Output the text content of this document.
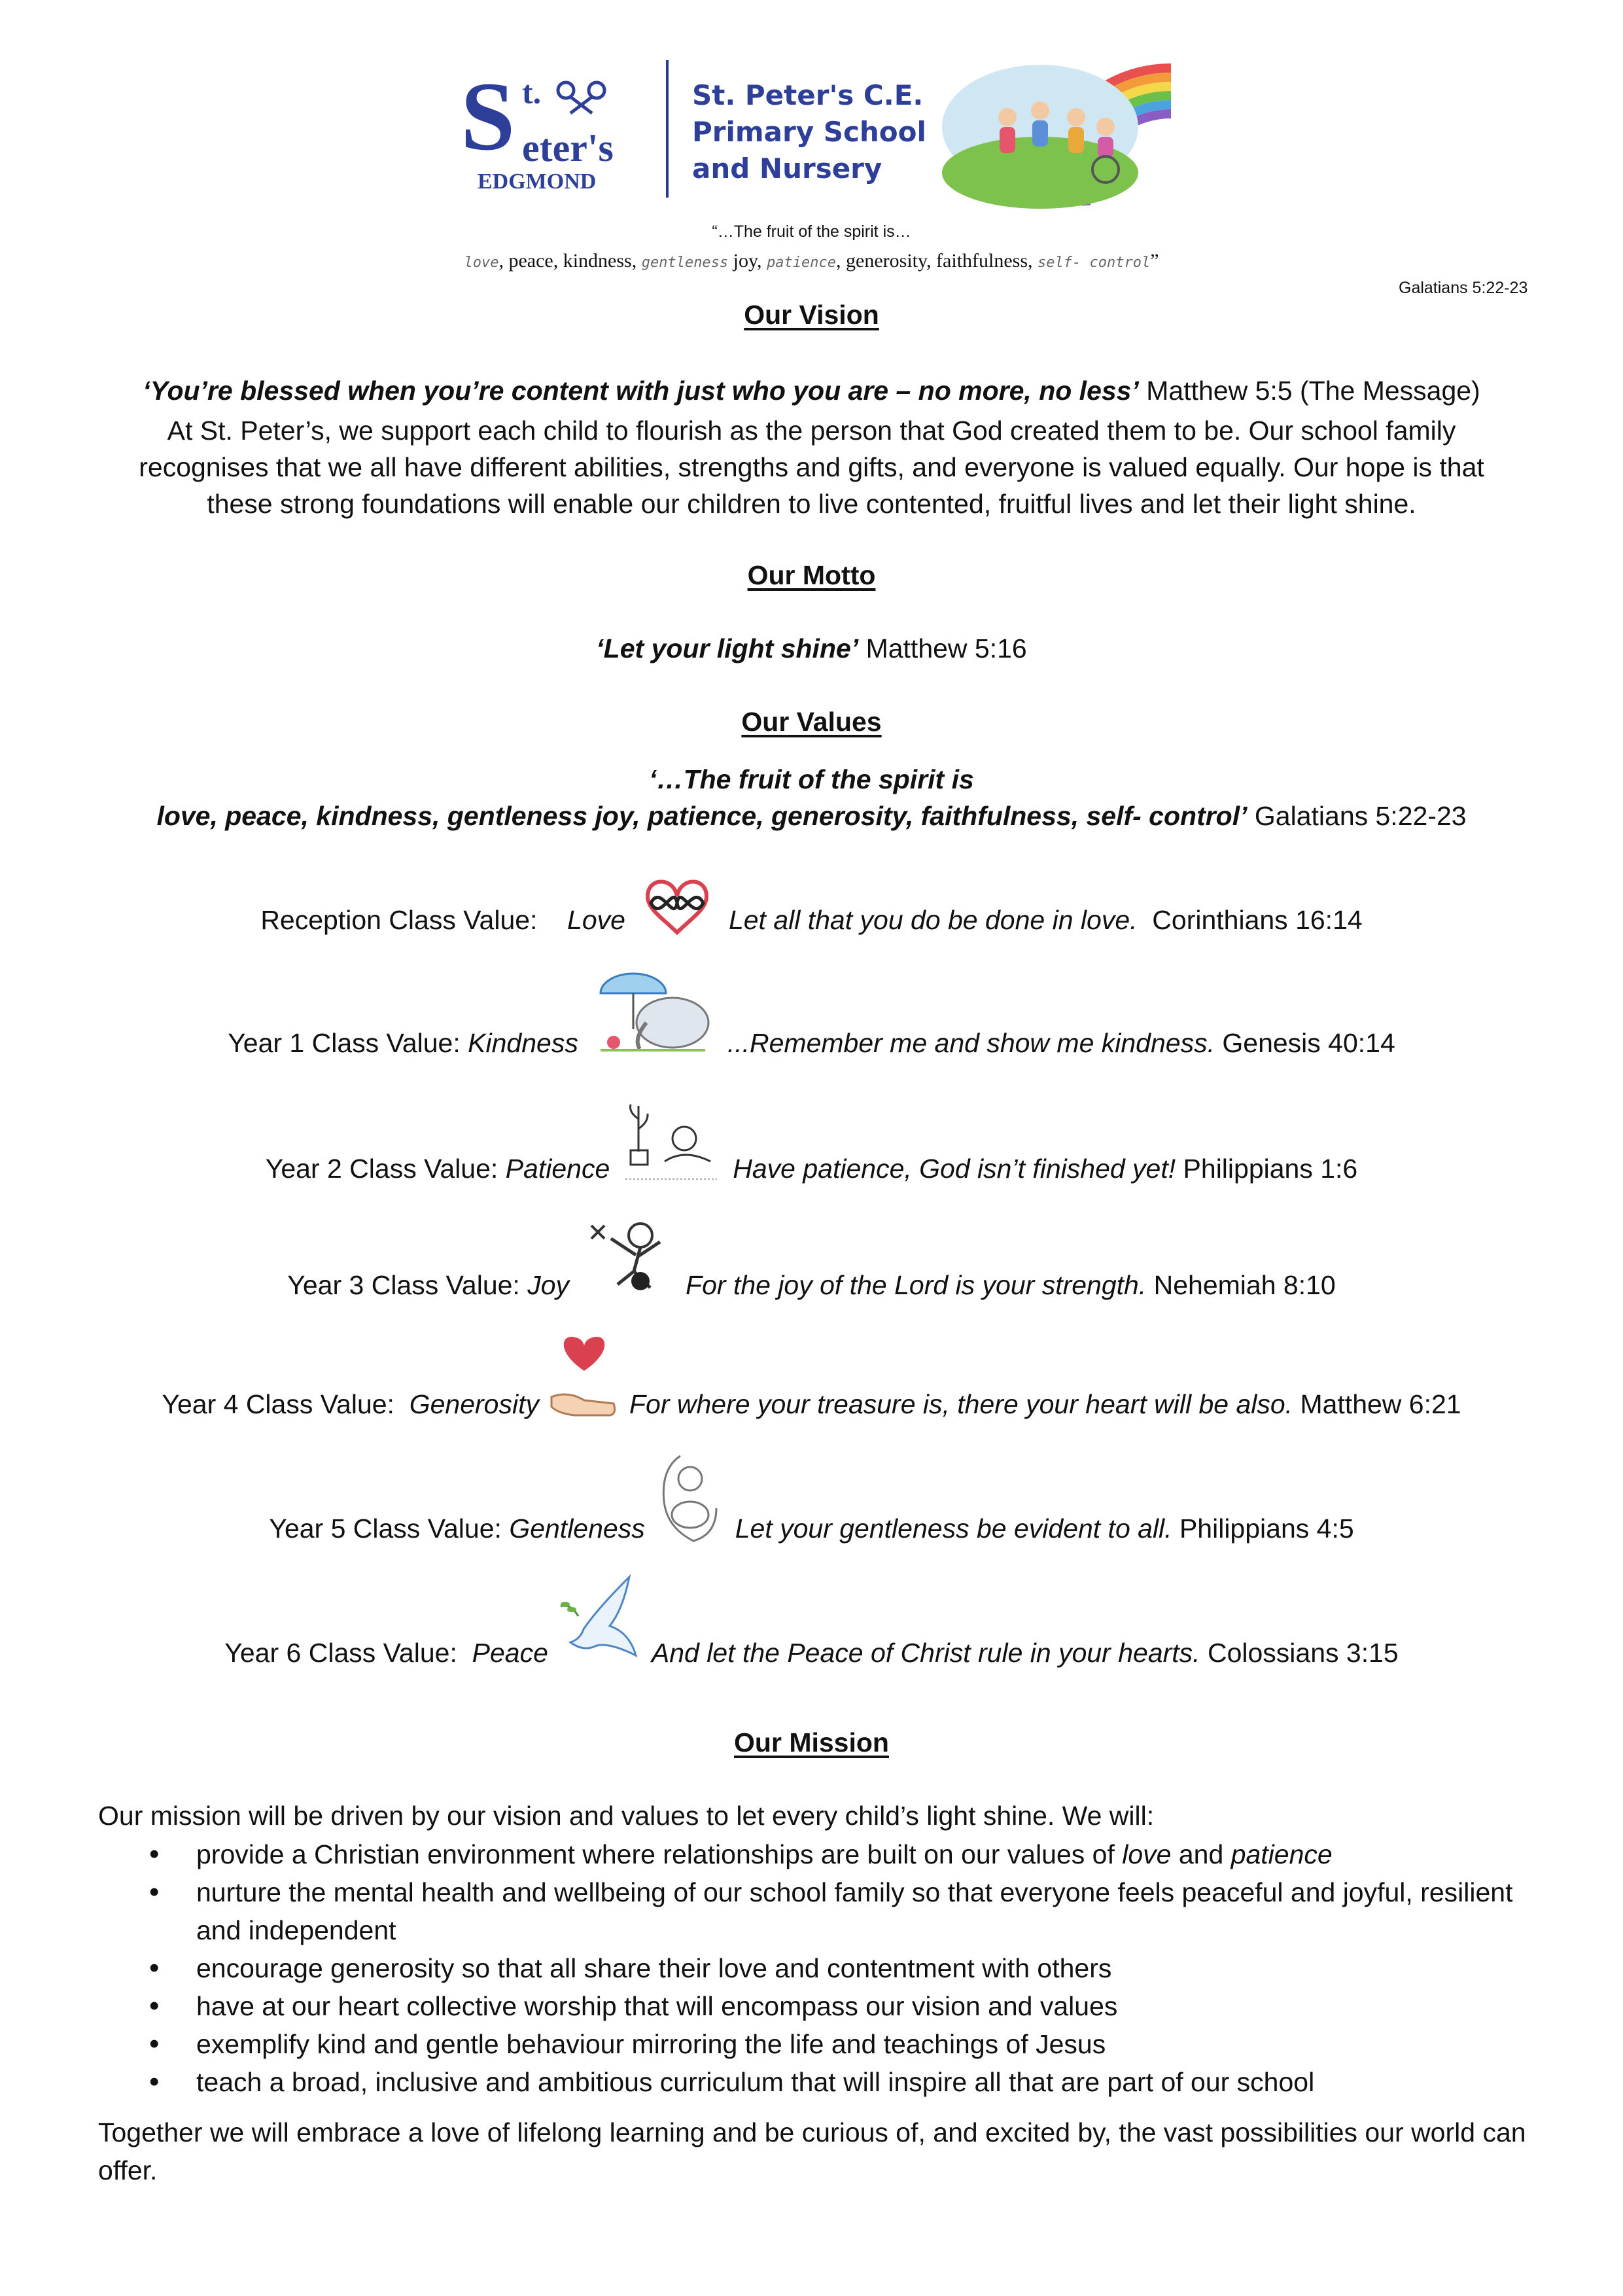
S t.
eter's
EDGMOND
St. Peter's C.E.
Primary School
and Nursery
“…The fruit of the spirit is…
love, peace, kindness, gentleness joy, patience, generosity, faithfulness, self- control”
Galatians 5:22-23
Our Vision
‘You’re blessed when you’re content with just who you are – no more, no less’ Matthew 5:5 (The Message)
At St. Peter’s, we support each child to flourish as the person that God created them to be. Our school family recognises that we all have different abilities, strengths and gifts, and everyone is valued equally. Our hope is that these strong foundations will enable our children to live contented, fruitful lives and let their light shine.
Our Motto
‘Let your light shine’ Matthew 5:16
Our Values
‘…The fruit of the spirit is
love, peace, kindness, gentleness joy, patience, generosity, faithfulness, self- control’ Galatians 5:22-23
Reception Class Value: Love	Let all that you do be done in love. Corinthians 16:14
Year 1 Class Value: Kindness	...Remember me and show me kindness. Genesis 40:14
Year 2 Class Value: Patience	Have patience, God isn’t finished yet! Philippians 1:6
Year 3 Class Value: Joy	For the joy of the Lord is your strength. Nehemiah 8:10
Year 4 Class Value: Generosity	For where your treasure is, there your heart will be also. Matthew 6:21
Year 5 Class Value: Gentleness	Let your gentleness be evident to all. Philippians 4:5
Year 6 Class Value: Peace	And let the Peace of Christ rule in your hearts. Colossians 3:15
Our Mission
Our mission will be driven by our vision and values to let every child’s light shine. We will:
• provide a Christian environment where relationships are built on our values of love and patience
• nurture the mental health and wellbeing of our school family so that everyone feels peaceful and joyful, resilient and independent
• encourage generosity so that all share their love and contentment with others
• have at our heart collective worship that will encompass our vision and values
• exemplify kind and gentle behaviour mirroring the life and teachings of Jesus
• teach a broad, inclusive and ambitious curriculum that will inspire all that are part of our school
Together we will embrace a love of lifelong learning and be curious of, and excited by, the vast possibilities our world can offer.
